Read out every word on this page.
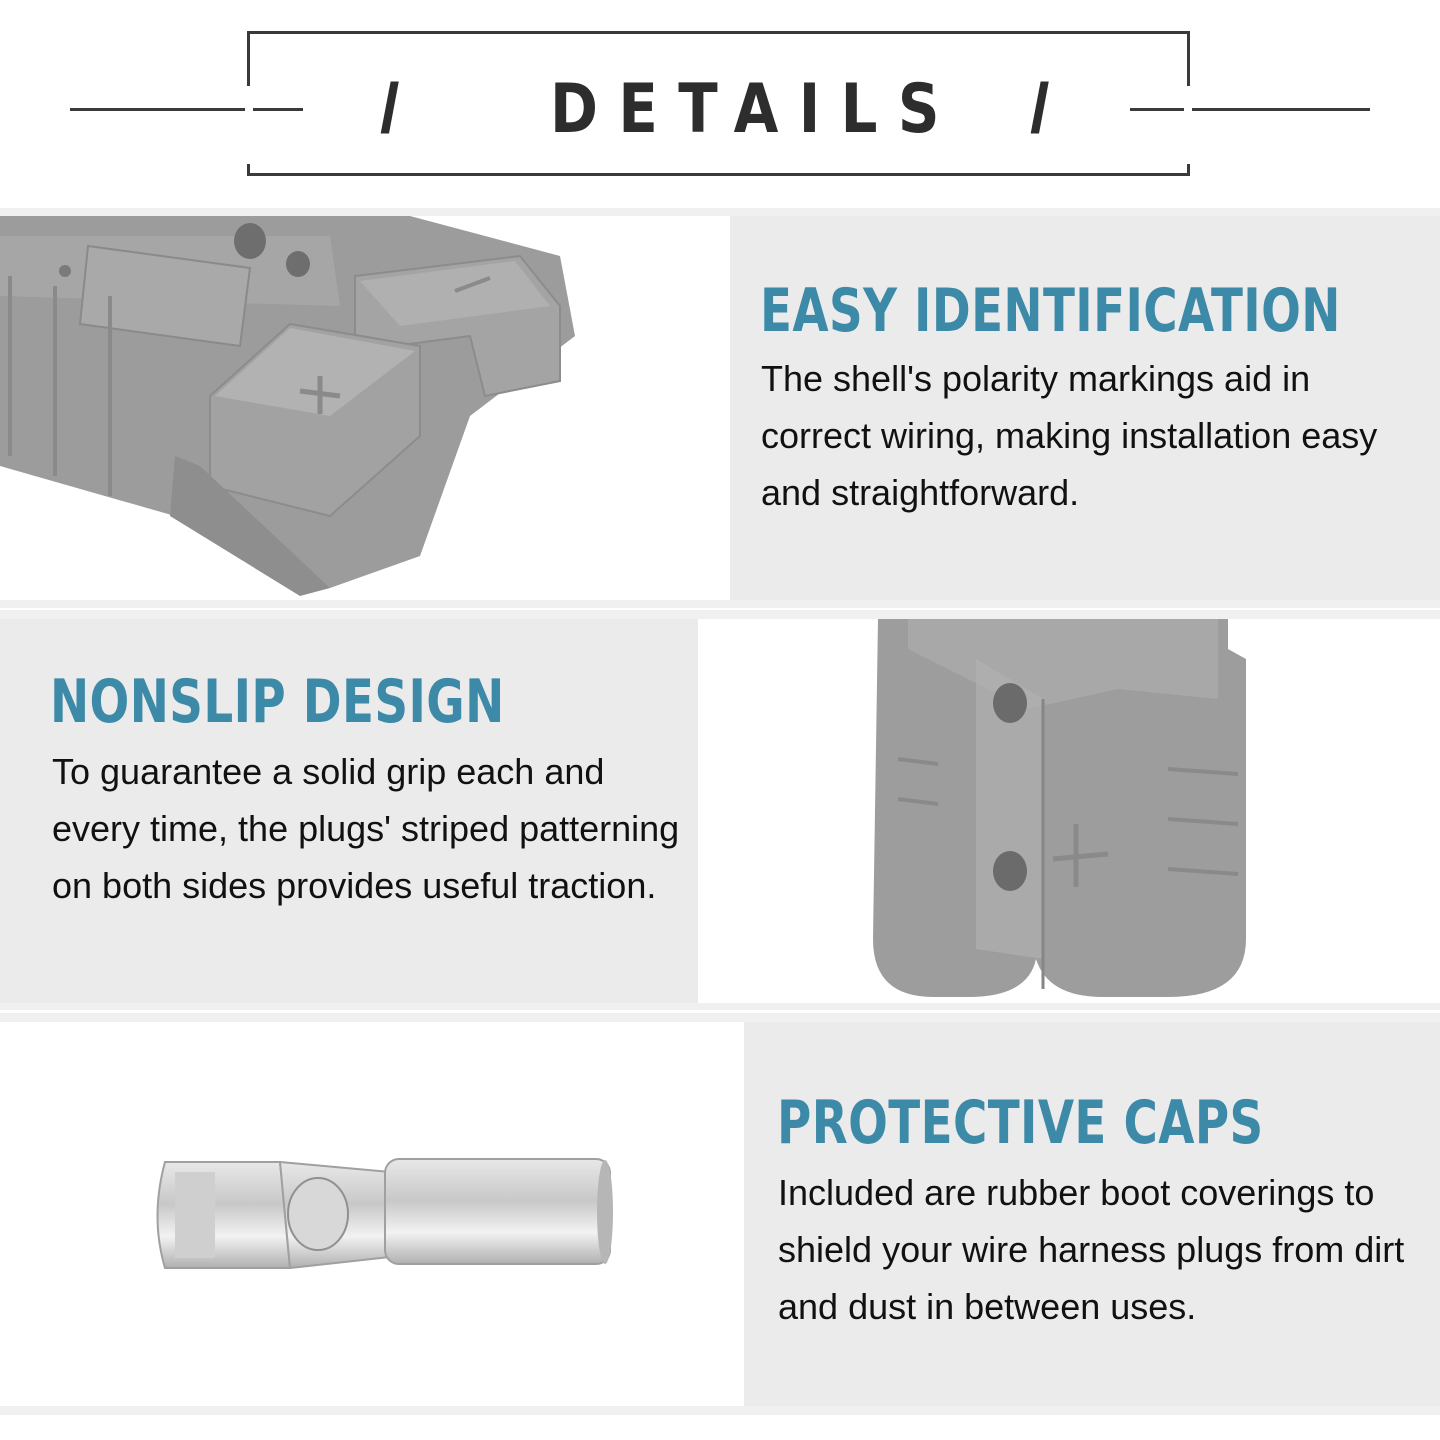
/ DETAILS /
EASY IDENTIFICATION
The shell's polarity markings aid in correct wiring, making installation easy and straightforward.
NONSLIP DESIGN
To guarantee a solid grip each and every time, the plugs' striped patterning on both sides provides useful traction.
PROTECTIVE CAPS
Included are rubber boot coverings to shield your wire harness plugs from dirt and dust in between uses.
